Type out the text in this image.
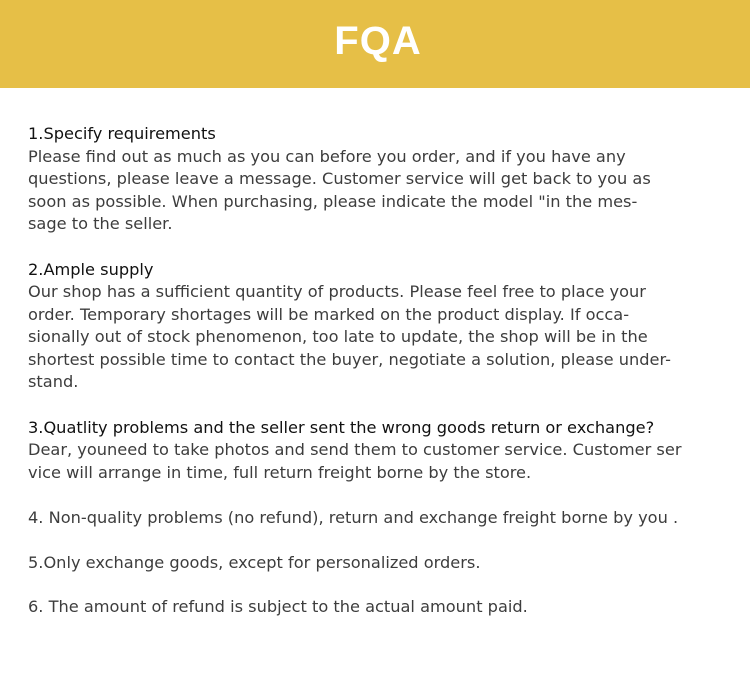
FQA
1.Specify requirements
Please find out as much as you can before you order, and if you have any
questions, please leave a message. Customer service will get back to you as
soon as possible. When purchasing, please indicate the model "in the mes-
sage to the seller.
2.Ample supply
Our shop has a sufficient quantity of products. Please feel free to place your
order. Temporary shortages will be marked on the product display. If occa-
sionally out of stock phenomenon, too late to update, the shop will be in the
shortest possible time to contact the buyer, negotiate a solution, please under-
stand.
3.Quatlity problems and the seller sent the wrong goods return or exchange?
Dear, youneed to take photos and send them to customer service. Customer ser
vice will arrange in time, full return freight borne by the store.
4. Non-quality problems (no refund), return and exchange freight borne by you .
5.Only exchange goods, except for personalized orders.
6. The amount of refund is subject to the actual amount paid.
